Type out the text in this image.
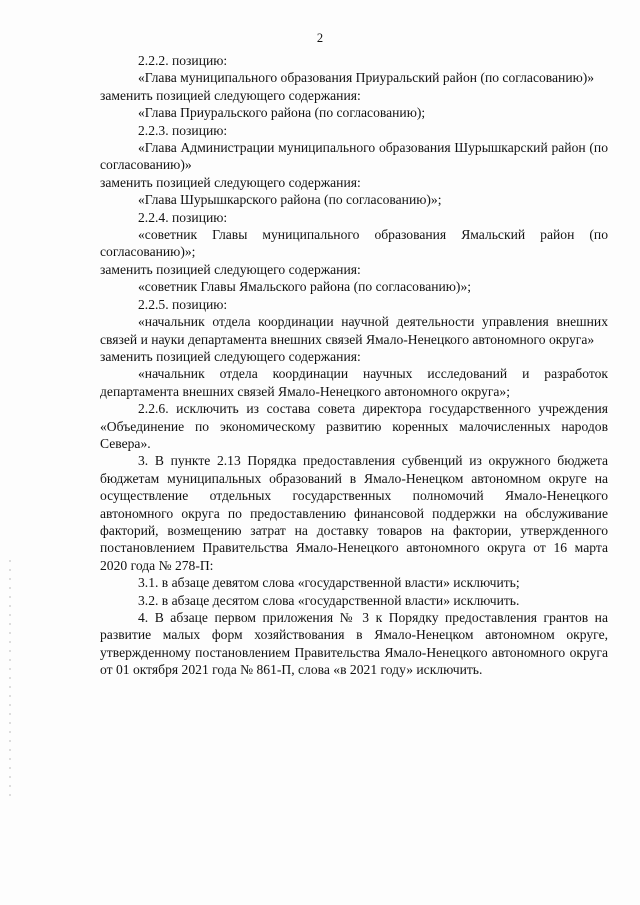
2

2.2.2. позицию:

«Глава муниципального образования Приуральский район (по согласованию)»

заменить позицией следующего содержания:

«Глава Приуральского района (по согласованию);

2.2.3. позицию:

«Глава Администрации муниципального образования Шурышкарский район (по согласованию)»

заменить позицией следующего содержания:

«Глава Шурышкарского района (по согласованию)»;

2.2.4. позицию:

«советник Главы муниципального образования Ямальский район (по согласованию)»;

заменить позицией следующего содержания:

«советник Главы Ямальского района (по согласованию)»;

2.2.5. позицию:

«начальник отдела координации научной деятельности управления внешних связей и науки департамента внешних связей Ямало-Ненецкого автономного округа»

заменить позицией следующего содержания:

«начальник отдела координации научных исследований и разработок департамента внешних связей Ямало-Ненецкого автономного округа»;

2.2.6. исключить из состава совета директора государственного учреждения «Объединение по экономическому развитию коренных малочисленных народов Севера».

3. В пункте 2.13 Порядка предоставления субвенций из окружного бюджета бюджетам муниципальных образований в Ямало-Ненецком автономном округе на осуществление отдельных государственных полномочий Ямало-Ненецкого автономного округа по предоставлению финансовой поддержки на обслуживание факторий, возмещению затрат на доставку товаров на фактории, утвержденного постановлением Правительства Ямало-Ненецкого автономного округа от 16 марта 2020 года № 278-П:

3.1. в абзаце девятом слова «государственной власти» исключить;

3.2. в абзаце десятом слова «государственной власти» исключить.

4. В абзаце первом приложения № 3 к Порядку предоставления грантов на развитие малых форм хозяйствования в Ямало-Ненецком автономном округе, утвержденному постановлением Правительства Ямало-Ненецкого автономного округа от 01 октября 2021 года № 861-П, слова «в 2021 году» исключить.
